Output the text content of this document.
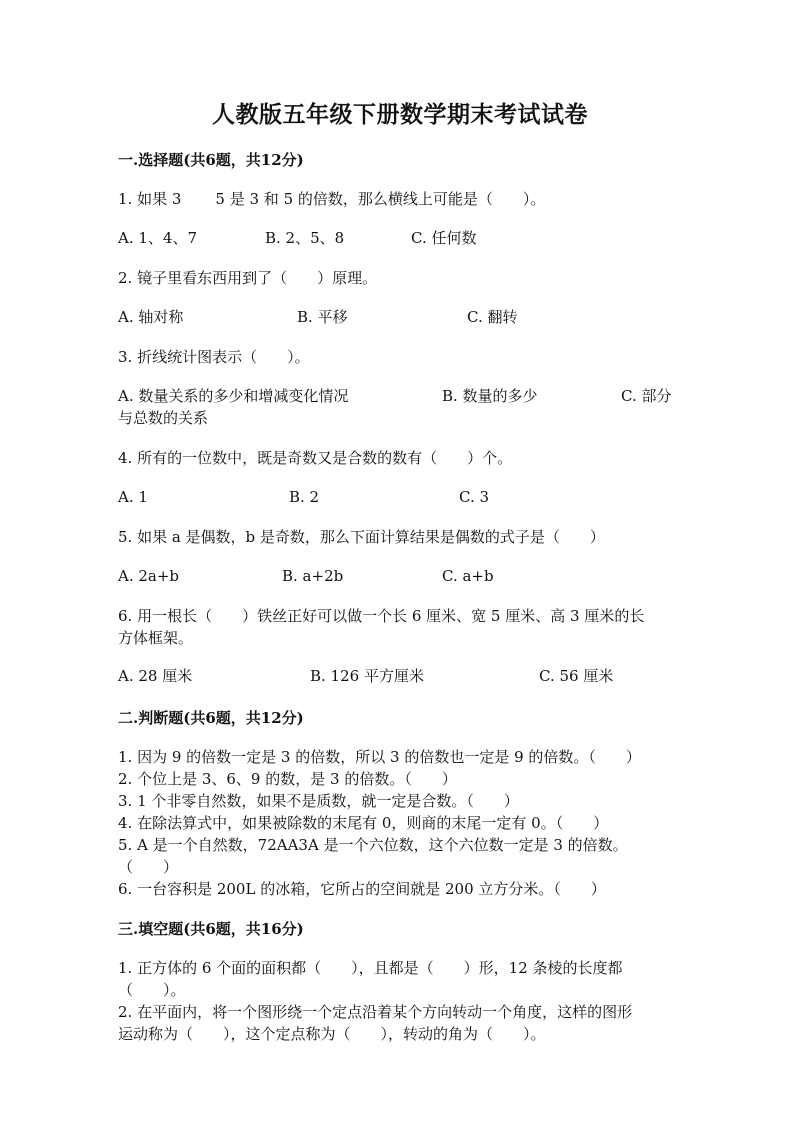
人教版五年级下册数学期末考试试卷
一.选择题(共6题，共12分)
1. 如果 3 5 是 3 和 5 的倍数，那么横线上可能是（　　）。
A. 1、4、7	B. 2、5、8	C. 任何数
2. 镜子里看东西用到了（　　）原理。
A. 轴对称	B. 平移	C. 翻转
3. 折线统计图表示（　　）。
A. 数量关系的多少和增减变化情况	B. 数量的多少	C. 部分
与总数的关系
4. 所有的一位数中，既是奇数又是合数的数有（　　）个。
A. 1	B. 2	C. 3
5. 如果 a 是偶数，b 是奇数，那么下面计算结果是偶数的式子是（　　）
A. 2a+b	B. a+2b	C. a+b
6. 用一根长（　　）铁丝正好可以做一个长 6 厘米、宽 5 厘米、高 3 厘米的长
方体框架。
A. 28 厘米	B. 126 平方厘米	C. 56 厘米
二.判断题(共6题，共12分)
1. 因为 9 的倍数一定是 3 的倍数，所以 3 的倍数也一定是 9 的倍数。（　　）
2. 个位上是 3、6、9 的数，是 3 的倍数。（　　）
3. 1 个非零自然数，如果不是质数，就一定是合数。（　　）
4. 在除法算式中，如果被除数的末尾有 0，则商的末尾一定有 0。（　　）
5. A 是一个自然数，72AA3A 是一个六位数，这个六位数一定是 3 的倍数。
（　　）
6. 一台容积是 200L 的冰箱，它所占的空间就是 200 立方分米。（　　）
三.填空题(共6题，共16分)
1. 正方体的 6 个面的面积都（　　），且都是（　　）形，12 条棱的长度都
（　　）。
2. 在平面内，将一个图形绕一个定点沿着某个方向转动一个角度，这样的图形
运动称为（　　），这个定点称为（　　），转动的角为（　　）。
